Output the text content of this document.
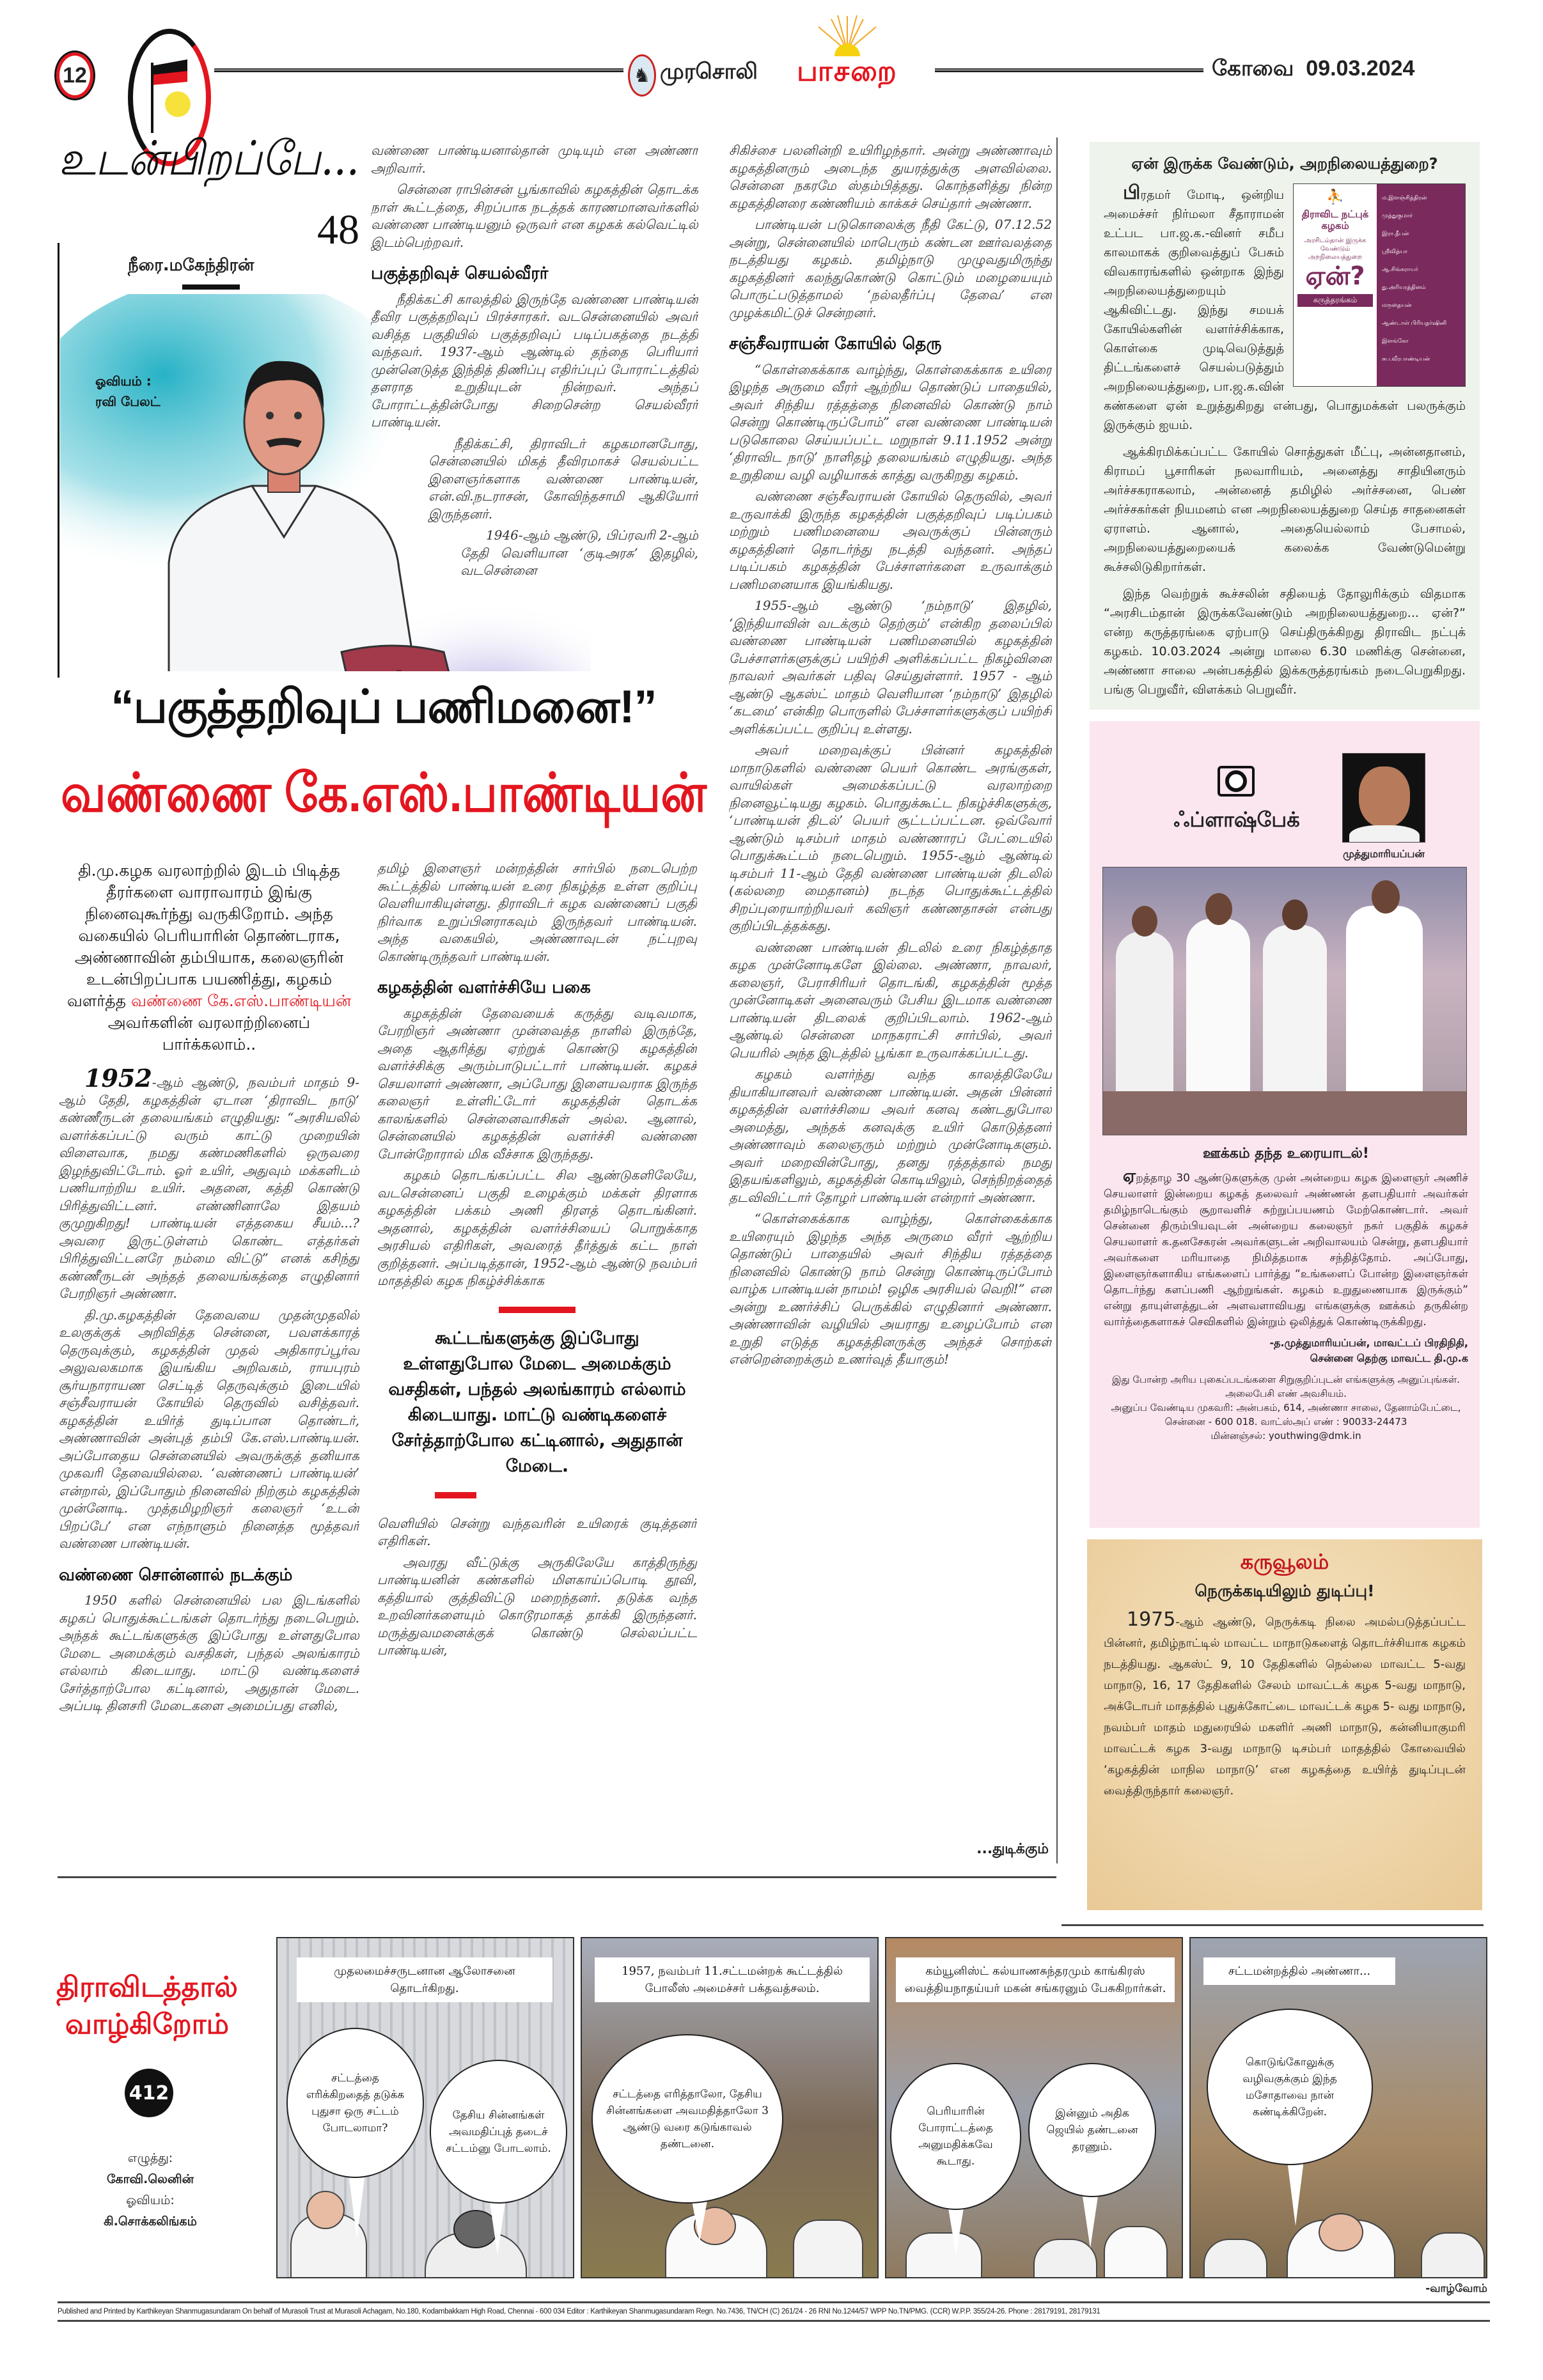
12	♞ முரசொலி	பாசறை	கோவை 09.03.2024
உடன்பிறப்பே...
48
நீரை.மகேந்திரன்
ஓவியம் :
ரவி பேலட்

வண்ணை பாண்டியனால்தான் முடியும் என அண்ணா அறிவார்.

சென்னை ராபின்சன் பூங்காவில் கழகத்தின் தொடக்க நாள் கூட்டத்தை, சிறப்பாக நடத்தக் காரணமானவர்களில் வண்ணை பாண்டியனும் ஒருவர் என கழகக் கல்வெட்டில் இடம்பெற்றவர்.

பகுத்தறிவுச் செயல்வீரர்

நீதிக்கட்சி காலத்தில் இருந்தே வண்ணை பாண்டியன் தீவிர பகுத்தறிவுப் பிரச்சாரகர். வடசென்னையில் அவர் வசித்த பகுதியில் பகுத்தறிவுப் படிப்பகத்தை நடத்தி வந்தவர். 1937-ஆம் ஆண்டில் தந்தை பெரியார் முன்னெடுத்த இந்தித் திணிப்பு எதிர்ப்புப் போராட்டத்தில் தளராத உறுதியுடன் நின்றவர். அந்தப் போராட்டத்தின்போது சிறைசென்ற செயல்வீரர் பாண்டியன்.

நீதிக்கட்சி, திராவிடர் கழகமானபோது, சென்னையில் மிகத் தீவிரமாகச் செயல்பட்ட இளைஞர்களாக வண்ணை பாண்டியன், என்.வி.நடராசன், கோவிந்தசாமி ஆகியோர் இருந்தனர்.

1946-ஆம் ஆண்டு, பிப்ரவரி 2-ஆம் தேதி வெளியான ‘குடிஅரசு’ இதழில், வடசென்னை

“பகுத்தறிவுப் பணிமனை!”
வண்ணை கே.எஸ்.பாண்டியன்
தி.மு.கழக வரலாற்றில் இடம் பிடித்த தீரர்களை வாராவாரம் இங்கு நினைவுகூர்ந்து வருகிறோம். அந்த வகையில் பெரியாரின் தொண்டராக, அண்ணாவின் தம்பியாக, கலைஞரின் உடன்பிறப்பாக பயணித்து, கழகம் வளர்த்த வண்ணை கே.எஸ்.பாண்டியன் அவர்களின் வரலாற்றினைப் பார்க்கலாம்..

1952-ஆம் ஆண்டு, நவம்பர் மாதம் 9-ஆம் தேதி, கழகத்தின் ஏடான ‘திராவிட நாடு’ கண்ணீருடன் தலையங்கம் எழுதியது: “அரசியலில் வளர்க்கப்பட்டு வரும் காட்டு முறையின் விளைவாக, நமது கண்மணிகளில் ஒருவரை இழந்துவிட்டோம். ஓர் உயிர், அதுவும் மக்களிடம் பணியாற்றிய உயிர். அதனை, கத்தி கொண்டு பிரித்துவிட்டனர். எண்ணினாலே இதயம் குமுறுகிறது! பாண்டியன் எத்தகைய சீயம்...? அவரை இருட்டுள்ளம் கொண்ட எத்தர்கள் பிரித்துவிட்டனரே நம்மை விட்டு” எனக் கசிந்து கண்ணீருடன் அந்தத் தலையங்கத்தை எழுதினார் பேரறிஞர் அண்ணா.

தி.மு.கழகத்தின் தேவையை முதன்முதலில் உலகுக்குக் அறிவித்த சென்னை, பவளக்காரத் தெருவுக்கும், கழகத்தின் முதல் அதிகாரப்பூர்வ அலுவலகமாக இயங்கிய அறிவகம், ராயபுரம் சூர்யநாராயண செட்டித் தெருவுக்கும் இடையில் சஞ்சீவராயன் கோயில் தெருவில் வசித்தவர். கழகத்தின் உயிர்த் துடிப்பான தொண்டர், அண்ணாவின் அன்புத் தம்பி கே.எஸ்.பாண்டியன். அப்போதைய சென்னையில் அவருக்குத் தனியாக முகவரி தேவையில்லை. ‘வண்ணைப் பாண்டியன்’ என்றால், இப்போதும் நினைவில் நிற்கும் கழகத்தின் முன்னோடி. முத்தமிழறிஞர் கலைஞர் ‘உடன் பிறப்பே’ என எந்நாளும் நினைத்த மூத்தவர் வண்ணை பாண்டியன்.

வண்ணை சொன்னால் நடக்கும்

1950 களில் சென்னையில் பல இடங்களில் கழகப் பொதுக்கூட்டங்கள் தொடர்ந்து நடைபெறும். அந்தக் கூட்டங்களுக்கு இப்போது உள்ளதுபோல மேடை அமைக்கும் வசதிகள், பந்தல் அலங்காரம் எல்லாம் கிடையாது. மாட்டு வண்டிகளைச் சேர்த்தாற்போல கட்டினால், அதுதான் மேடை. அப்படி தினசரி மேடைகளை அமைப்பது எனில்,

தமிழ் இளைஞர் மன்றத்தின் சார்பில் நடைபெற்ற கூட்டத்தில் பாண்டியன் உரை நிகழ்த்த உள்ள குறிப்பு வெளியாகியுள்ளது. திராவிடர் கழக வண்ணைப் பகுதி நிர்வாக உறுப்பினராகவும் இருந்தவர் பாண்டியன். அந்த வகையில், அண்ணாவுடன் நட்புறவு கொண்டிருந்தவர் பாண்டியன்.

கழகத்தின் வளர்ச்சியே பகை

கழகத்தின் தேவையைக் கருத்து வடிவமாக, பேரறிஞர் அண்ணா முன்வைத்த நாளில் இருந்தே, அதை ஆதரித்து ஏற்றுக் கொண்டு கழகத்தின் வளர்ச்சிக்கு அரும்பாடுபட்டார் பாண்டியன். கழகச் செயலாளர் அண்ணா, அப்போது இளையவராக இருந்த கலைஞர் உள்ளிட்டோர் கழகத்தின் தொடக்க காலங்களில் சென்னைவாசிகள் அல்ல. ஆனால், சென்னையில் கழகத்தின் வளர்ச்சி வண்ணை போன்றோரால் மிக வீச்சாக இருந்தது.

கழகம் தொடங்கப்பட்ட சில ஆண்டுகளிலேயே, வடசென்னைப் பகுதி உழைக்கும் மக்கள் திரளாக கழகத்தின் பக்கம் அணி திரளத் தொடங்கினர். அதனால், கழகத்தின் வளர்ச்சியைப் பொறுக்காத அரசியல் எதிரிகள், அவரைத் தீர்த்துக் கட்ட நாள் குறித்தனர். அப்படித்தான், 1952-ஆம் ஆண்டு நவம்பர் மாதத்தில் கழக நிகழ்ச்சிக்காக

கூட்டங்களுக்கு இப்போது உள்ளதுபோல மேடை அமைக்கும் வசதிகள், பந்தல் அலங்காரம் எல்லாம் கிடையாது. மாட்டு வண்டிகளைச் சேர்த்தாற்போல கட்டினால், அதுதான் மேடை.

வெளியில் சென்று வந்தவரின் உயிரைக் குடித்தனர் எதிரிகள்.

அவரது வீட்டுக்கு அருகிலேயே காத்திருந்து பாண்டியனின் கண்களில் மிளகாய்ப்பொடி தூவி, கத்தியால் குத்திவிட்டு மறைந்தனர். தடுக்க வந்த உறவினர்களையும் கொடூரமாகத் தாக்கி இருந்தனர். மருத்துவமனைக்குக் கொண்டு செல்லப்பட்ட பாண்டியன்,

சிகிச்சை பலனின்றி உயிரிழந்தார். அன்று அண்ணாவும் கழகத்தினரும் அடைந்த துயரத்துக்கு அளவில்லை. சென்னை நகரமே ஸ்தம்பித்தது. கொந்தளித்து நின்ற கழகத்தினரை கண்ணியம் காக்கச் செய்தார் அண்ணா.

பாண்டியன் படுகொலைக்கு நீதி கேட்டு, 07.12.52 அன்று, சென்னையில் மாபெரும் கண்டன ஊர்வலத்தை நடத்தியது கழகம். தமிழ்நாடு முழுவதுமிருந்து கழகத்தினர் கலந்துகொண்டு கொட்டும் மழையையும் பொருட்படுத்தாமல் ‘நல்லதீர்ப்பு தேவை’ என முழக்கமிட்டுச் சென்றனர்.

சஞ்சீவராயன் கோயில் தெரு

“கொள்கைக்காக வாழ்ந்து, கொள்கைக்காக உயிரை இழந்த அருமை வீரர் ஆற்றிய தொண்டுப் பாதையில், அவர் சிந்திய ரத்தத்தை நினைவில் கொண்டு நாம் சென்று கொண்டிருப்போம்” என வண்ணை பாண்டியன் படுகொலை செய்யப்பட்ட மறுநாள் 9.11.1952 அன்று ‘திராவிட நாடு’ நாளிதழ் தலையங்கம் எழுதியது. அந்த உறுதியை வழி வழியாகக் காத்து வருகிறது கழகம்.

வண்ணை சஞ்சீவராயன் கோயில் தெருவில், அவர் உருவாக்கி இருந்த கழகத்தின் பகுத்தறிவுப் படிப்பகம் மற்றும் பணிமனையை அவருக்குப் பின்னரும் கழகத்தினர் தொடர்ந்து நடத்தி வந்தனர். அந்தப் படிப்பகம் கழகத்தின் பேச்சாளர்களை உருவாக்கும் பணிமனையாக இயங்கியது.

1955-ஆம் ஆண்டு ‘நம்நாடு’ இதழில், ‘இந்தியாவின் வடக்கும் தெற்கும்’ என்கிற தலைப்பில் வண்ணை பாண்டியன் பணிமனையில் கழகத்தின் பேச்சாளர்களுக்குப் பயிற்சி அளிக்கப்பட்ட நிகழ்வினை நாவலர் அவர்கள் பதிவு செய்துள்ளார். 1957 - ஆம் ஆண்டு ஆகஸ்ட் மாதம் வெளியான ‘நம்நாடு’ இதழில் ‘கடமை’ என்கிற பொருளில் பேச்சாளர்களுக்குப் பயிற்சி அளிக்கப்பட்ட குறிப்பு உள்ளது.

அவர் மறைவுக்குப் பின்னர் கழகத்தின் மாநாடுகளில் வண்ணை பெயர் கொண்ட அரங்குகள், வாயில்கள் அமைக்கப்பட்டு வரலாற்றை நினைவூட்டியது கழகம். பொதுக்கூட்ட நிகழ்ச்சிகளுக்கு, ‘பாண்டியன் திடல்’ பெயர் சூட்டப்பட்டன. ஒவ்வோர் ஆண்டும் டிசம்பர் மாதம் வண்ணாரப் பேட்டையில் பொதுக்கூட்டம் நடைபெறும். 1955-ஆம் ஆண்டில் டிசம்பர் 11-ஆம் தேதி வண்ணை பாண்டியன் திடலில் (கல்லறை மைதானம்) நடந்த பொதுக்கூட்டத்தில் சிறப்புரையாற்றியவர் கவிஞர் கண்ணதாசன் என்பது குறிப்பிடத்தக்கது.

வண்ணை பாண்டியன் திடலில் உரை நிகழ்த்தாத கழக முன்னோடிகளே இல்லை. அண்ணா, நாவலர், கலைஞர், பேராசிரியர் தொடங்கி, கழகத்தின் மூத்த முன்னோடிகள் அனைவரும் பேசிய இடமாக வண்ணை பாண்டியன் திடலைக் குறிப்பிடலாம். 1962-ஆம் ஆண்டில் சென்னை மாநகராட்சி சார்பில், அவர் பெயரில் அந்த இடத்தில் பூங்கா உருவாக்கப்பட்டது.

கழகம் வளர்ந்து வந்த காலத்திலேயே தியாகியானவர் வண்ணை பாண்டியன். அதன் பின்னர் கழகத்தின் வளர்ச்சியை அவர் கனவு கண்டதுபோல அமைத்து, அந்தக் கனவுக்கு உயிர் கொடுத்தனர் அண்ணாவும் கலைஞரும் மற்றும் முன்னோடிகளும். அவர் மறைவின்போது, தனது ரத்தத்தால் நமது இதயங்களிலும், கழகத்தின் கொடியிலும், செந்நிறத்தைத் தடவிவிட்டார் தோழர் பாண்டியன் என்றார் அண்ணா.

“கொள்கைக்காக வாழ்ந்து, கொள்கைக்காக உயிரையும் இழந்த அந்த அருமை வீரர் ஆற்றிய தொண்டுப் பாதையில் அவர் சிந்திய ரத்தத்தை நினைவில் கொண்டு நாம் சென்று கொண்டிருப்போம் வாழ்க பாண்டியன் நாமம்! ஒழிக அரசியல் வெறி!” என அன்று உணர்ச்சிப் பெருக்கில் எழுதினார் அண்ணா. அண்ணாவின் வழியில் அயராது உழைப்போம் என உறுதி எடுத்த கழகத்தினருக்கு அந்தச் சொற்கள் என்றென்றைக்கும் உணர்வுத் தீயாகும்!

...துடிக்கும்
ஏன் இருக்க வேண்டும், அறநிலையத்துறை?
⛹
திராவிட நட்புக் கழகம்
அரசிடம்தான் இருக்க வேண்டும் அறநிலையத்துறை
ஏன்?
கருத்தரங்கம்
ம.இளஞ்சித்திரன்
முத்துகுமார்
இரா.தீபன்
ஸ்ரீவித்யா
ஆ.சிங்கராயர்
து.அரியரத்தினம்
மருதையன்
ஆண்டாள் பிரியதர்ஷினி
இளங்கோ
சுப.வீரபாண்டியன்

பிரதமர் மோடி, ஒன்றிய அமைச்சர் நிர்மலா சீதாராமன் உட்பட பா.ஜ.க.-வினர் சமீப காலமாகக் குறிவைத்துப் பேசும் விவகாரங்களில் ஒன்றாக இந்து அறநிலையத்துறையும் ஆகிவிட்டது. இந்து சமயக் கோயில்களின் வளர்ச்சிக்காக, கொள்கை முடிவெடுத்துத் திட்டங்களைச் செயல்படுத்தும் அறநிலையத்துறை, பா.ஜ.க.வின் கண்களை ஏன் உறுத்துகிறது என்பது, பொதுமக்கள் பலருக்கும் இருக்கும் ஐயம்.

ஆக்கிரமிக்கப்பட்ட கோயில் சொத்துகள் மீட்பு, அன்னதானம், கிராமப் பூசாரிகள் நலவாரியம், அனைத்து சாதியினரும் அர்ச்சகராகலாம், அன்னைத் தமிழில் அர்ச்சனை, பெண் அர்ச்சகர்கள் நியமனம் என அறநிலையத்துறை செய்த சாதனைகள் ஏராளம். ஆனால், அதையெல்லாம் பேசாமல், அறநிலையத்துறையைக் கலைக்க வேண்டுமென்று கூச்சலிடுகிறார்கள்.

இந்த வெற்றுக் கூச்சலின் சதியைத் தோலுரிக்கும் விதமாக “அரசிடம்தான் இருக்கவேண்டும் அறநிலையத்துறை... ஏன்?” என்ற கருத்தரங்கை ஏற்பாடு செய்திருக்கிறது திராவிட நட்புக் கழகம். 10.03.2024 அன்று மாலை 6.30 மணிக்கு சென்னை, அண்ணா சாலை அன்பகத்தில் இக்கருத்தரங்கம் நடைபெறுகிறது. பங்கு பெறுவீர், விளக்கம் பெறுவீர்.

ஃப்ளாஷ்பேக்
முத்துமாரியப்பன்
ஊக்கம் தந்த உரையாடல்!
ஏறத்தாழ 30 ஆண்டுகளுக்கு முன் அன்றைய கழக இளைஞர் அணிச் செயலாளர் இன்றைய கழகத் தலைவர் அண்ணன் தளபதியார் அவர்கள் தமிழ்நாடெங்கும் சூறாவளிச் சுற்றுப்பயணம் மேற்கொண்டார். அவர் சென்னை திரும்பியவுடன் அன்றைய கலைஞர் நகர் பகுதிக் கழகச் செயலாளர் க.தனசேகரன் அவர்களுடன் அறிவாலயம் சென்று, தளபதியார் அவர்களை மரியாதை நிமித்தமாக சந்தித்தோம். அப்போது, இளைஞர்களாகிய எங்களைப் பார்த்து “உங்களைப் போன்ற இளைஞர்கள் தொடர்ந்து களப்பணி ஆற்றுங்கள். கழகம் உறுதுணையாக இருக்கும்” என்று தாயுள்ளத்துடன் அளவளாவியது எங்களுக்கு ஊக்கம் தருகின்ற வார்த்தைகளாகச் செவிகளில் இன்றும் ஒலித்துக் கொண்டிருக்கிறது.
-த.முத்துமாரியப்பன், மாவட்டப் பிரதிநிதி,
சென்னை தெற்கு மாவட்ட தி.மு.க
இது போன்ற அரிய புகைப்படங்களை சிறுகுறிப்புடன் எங்களுக்கு அனுப்புங்கள். அலைபேசி எண் அவசியம்.
அனுப்ப வேண்டிய முகவரி: அன்பகம், 614, அண்ணா சாலை, தேனாம்பேட்டை, சென்னை - 600 018. வாட்ஸ்அப் எண் : 90033-24473
மின்னஞ்சல்: youthwing@dmk.in
கருவூலம்
நெருக்கடியிலும் துடிப்பு!
1975-ஆம் ஆண்டு, நெருக்கடி நிலை அமல்படுத்தப்பட்ட பின்னர், தமிழ்நாட்டில் மாவட்ட மாநாடுகளைத் தொடர்ச்சியாக கழகம் நடத்தியது. ஆகஸ்ட் 9, 10 தேதிகளில் நெல்லை மாவட்ட 5-வது மாநாடு, 16, 17 தேதிகளில் சேலம் மாவட்டக் கழக 5-வது மாநாடு, அக்டோபர் மாதத்தில் புதுக்கோட்டை மாவட்டக் கழக 5- வது மாநாடு, நவம்பர் மாதம் மதுரையில் மகளிர் அணி மாநாடு, கன்னியாகுமரி மாவட்டக் கழக 3-வது மாநாடு டிசம்பர் மாதத்தில் கோவையில் ‘கழகத்தின் மாநில மாநாடு’ என கழகத்தை உயிர்த் துடிப்புடன் வைத்திருந்தார் கலைஞர்.
திராவிடத்தால்
வாழ்கிறோம்
412
எழுத்து:
கோவி.லெனின்
ஓவியம்:
கி.சொக்கலிங்கம்
முதலமைச்சருடனான ஆலோசனை தொடர்கிறது.
சட்டத்தை எரிக்கிறதைத் தடுக்க புதுசா ஒரு சட்டம் போடலாமா?
தேசிய சின்னங்கள் அவமதிப்புத் தடைச் சட்டம்னு போடலாம்.
1957, நவம்பர் 11.சட்டமன்றக் கூட்டத்தில் போலீஸ் அமைச்சர் பக்தவத்சலம்.
சட்டத்தை எரித்தாலோ, தேசிய சின்னங்களை அவமதித்தாலோ 3 ஆண்டு வரை கடுங்காவல் தண்டனை.
கம்யூனிஸ்ட் கல்யாணசுந்தரமும் காங்கிரஸ் வைத்தியநாதய்யர் மகன் சங்கரனும் பேசுகிறார்கள்.
பெரியாரின் போராட்டத்தை அனுமதிக்கவே கூடாது.
இன்னும் அதிக ஜெயில் தண்டனை தரணும்.
சட்டமன்றத்தில் அண்ணா...
கொடுங்கோலுக்கு வழிவகுக்கும் இந்த மசோதாவை நான் கண்டிக்கிறேன்.
-வாழ்வோம்
Published and Printed by Karthikeyan Shanmugasundaram On behalf of Murasoli Trust at Murasoli Achagam, No.180, Kodambakkam High Road, Chennai - 600 034 Editor : Karthikeyan Shanmugasundaram Regn. No.7436, TN/CH (C) 261/24 - 26 RNI No.1244/57 WPP No.TN/PMG. (CCR) W.P.P. 355/24-26. Phone : 28179191, 28179131
